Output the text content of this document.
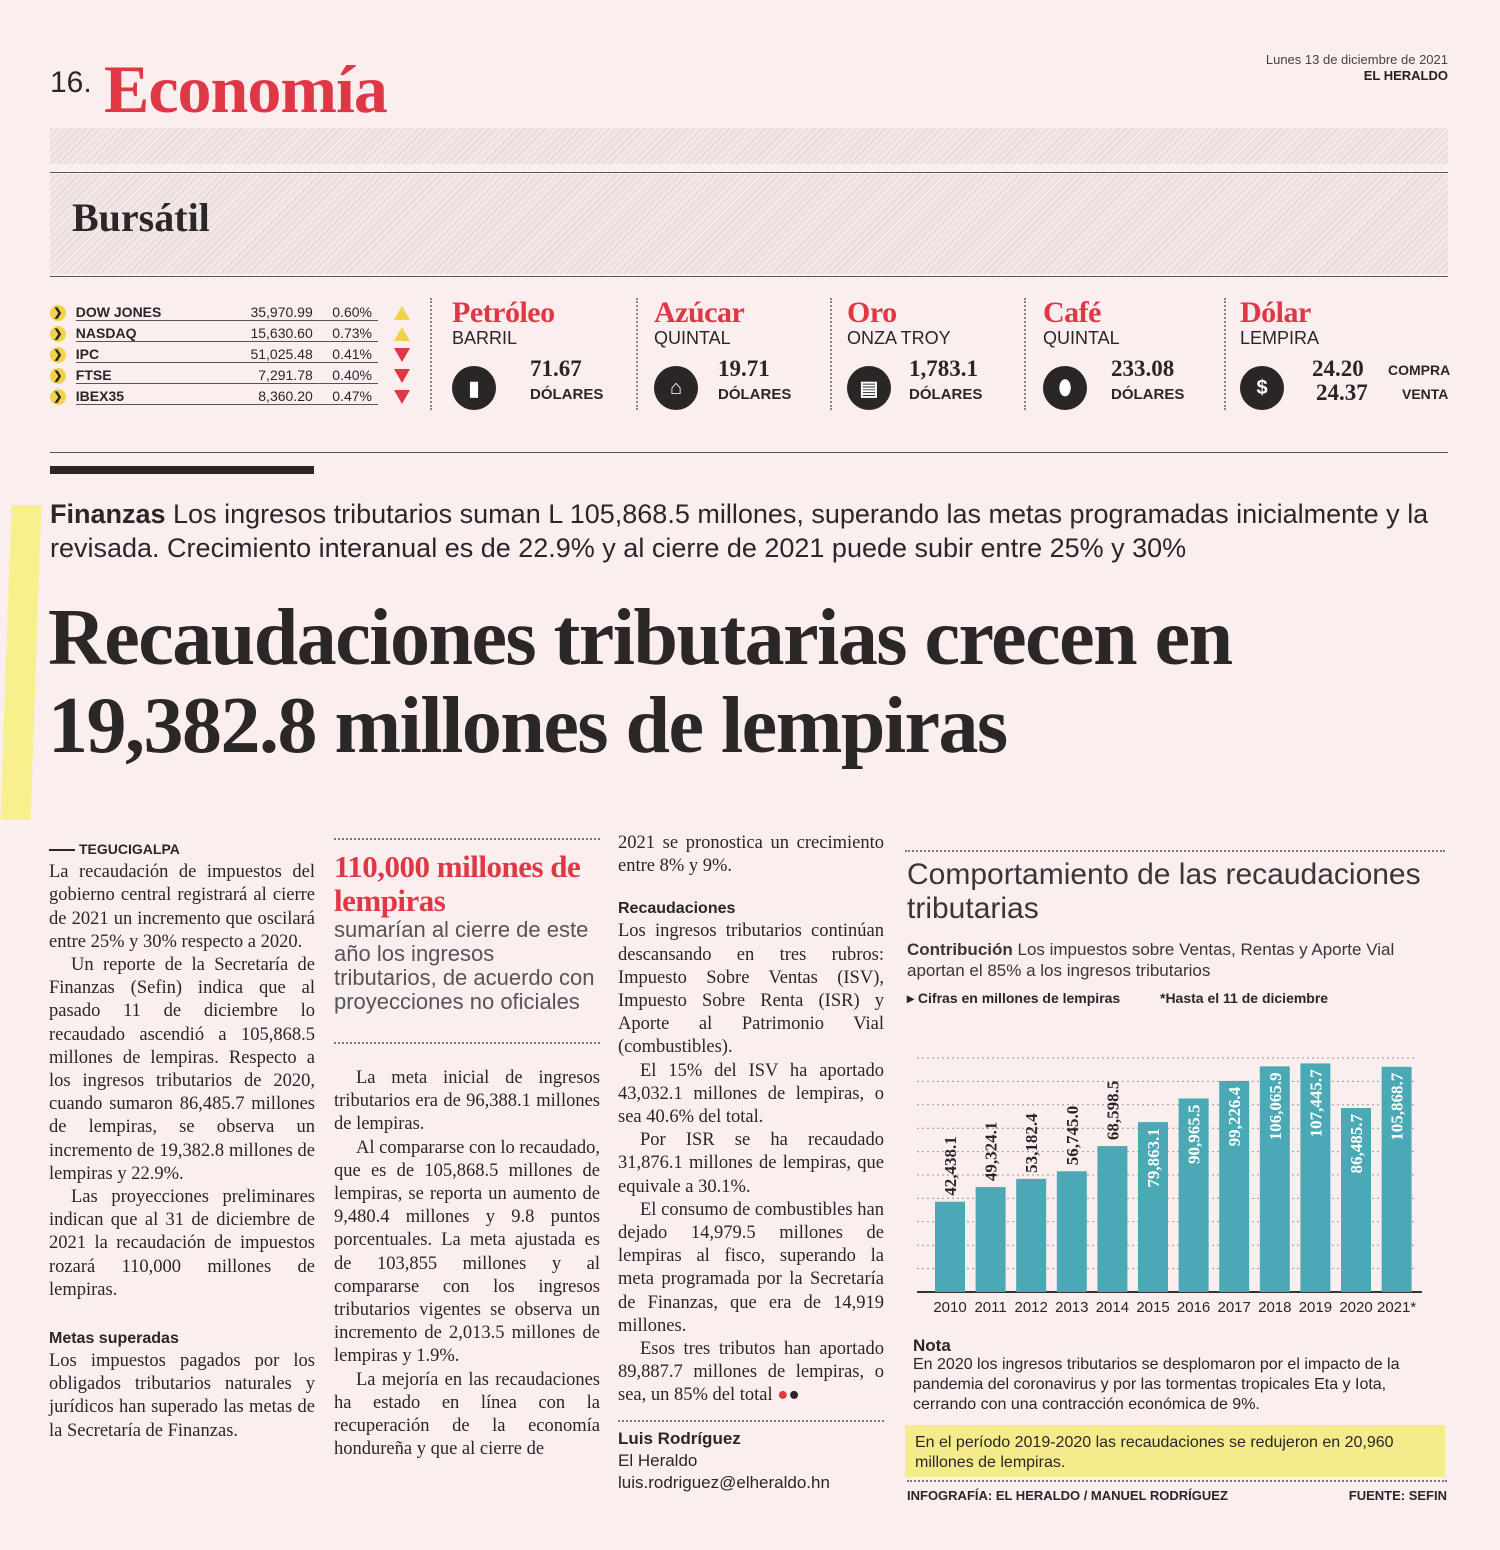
16. Economía	Lunes 13 de diciembre de 2021
EL HERALDO
Bursátil
❯ DOW JONES	35,970.99	0.60%
❯ NASDAQ	15,630.60	0.73%
❯ IPC	51,025.48	0.41%
❯ FTSE	7,291.78	0.40%
❯ IBEX35	8,360.20	0.47%
Petróleo
BARRIL
▮
71.67
DÓLARES
Azúcar
QUINTAL
⌂
19.71
DÓLARES
Oro
ONZA TROY
▤
1,783.1
DÓLARES
Café
QUINTAL
⬮
233.08
DÓLARES
Dólar
LEMPIRA
$
24.20 COMPRA
24.37 VENTA
Finanzas Los ingresos tributarios suman L 105,868.5 millones, superando las metas programadas inicialmente y la revisada. Crecimiento interanual es de 22.9% y al cierre de 2021 puede subir entre 25% y 30%
Recaudaciones tributarias crecen en 19,382.8 millones de lempiras
TEGUCIGALPA

La recaudación de impuestos del gobierno central registrará al cierre de 2021 un incremento que oscilará entre 25% y 30% respecto a 2020.

Un reporte de la Secretaría de Finanzas (Sefin) indica que al pasado 11 de diciembre lo recaudado ascendió a 105,868.5 millones de lempiras. Respecto a los ingresos tributarios de 2020, cuando sumaron 86,485.7 millones de lempiras, se observa un incremento de 19,382.8 millones de lempiras y 22.9%.

Las proyecciones preliminares indican que al 31 de diciembre de 2021 la recaudación de impuestos rozará 110,000 millones de lempiras.

Metas superadas

Los impuestos pagados por los obligados tributarios naturales y jurídicos han superado las metas de la Secretaría de Finanzas.

110,000 millones de lempiras
sumarían al cierre de este año los ingresos tributarios, de acuerdo con proyecciones no oficiales

La meta inicial de ingresos tributarios era de 96,388.1 millones de lempiras.

Al compararse con lo recaudado, que es de 105,868.5 millones de lempiras, se reporta un aumento de 9,480.4 millones y 9.8 puntos porcentuales. La meta ajustada es de 103,855 millones y al compararse con los ingresos tributarios vigentes se observa un incremento de 2,013.5 millones de lempiras y 1.9%.

La mejoría en las recaudaciones ha estado en línea con la recuperación de la economía hondureña y que al cierre de

2021 se pronostica un crecimiento entre 8% y 9%.

Recaudaciones

Los ingresos tributarios continúan descansando en tres rubros: Impuesto Sobre Ventas (ISV), Impuesto Sobre Renta (ISR) y Aporte al Patrimonio Vial (combustibles).

El 15% del ISV ha aportado 43,032.1 millones de lempiras, o sea 40.6% del total.

Por ISR se ha recaudado 31,876.1 millones de lempiras, que equivale a 30.1%.

El consumo de combustibles han dejado 14,979.5 millones de lempiras al fisco, superando la meta programada por la Secretaría de Finanzas, que era de 14,919 millones.

Esos tres tributos han aportado 89,887.7 millones de lempiras, o sea, un 85% del total ●●

Luis Rodríguez
El Heraldo
luis.rodriguez@elheraldo.hn
Comportamiento de las recaudaciones tributarias
Contribución Los impuestos sobre Ventas, Rentas y Aporte Vial aportan el 85% a los ingresos tributarios
▸ Cifras en millones de lempiras	*Hasta el 11 de diciembre
42,438.1
2010
49,324.1
2011
53,182.4
2012
56,745.0
2013
68,598.5
2014
79,863.1
2015
90,965.5
2016
99,226.4
2017
106,065.9
2018
107,445.7
2019
86,485.7
2020
105,868.7
2021*
Nota
En 2020 los ingresos tributarios se desplomaron por el impacto de la pandemia del coronavirus y por las tormentas tropicales Eta y Iota, cerrando con una contracción económica de 9%.
En el período 2019-2020 las recaudaciones se redujeron en 20,960 millones de lempiras.
INFOGRAFÍA: EL HERALDO / MANUEL RODRÍGUEZ	FUENTE: SEFIN
